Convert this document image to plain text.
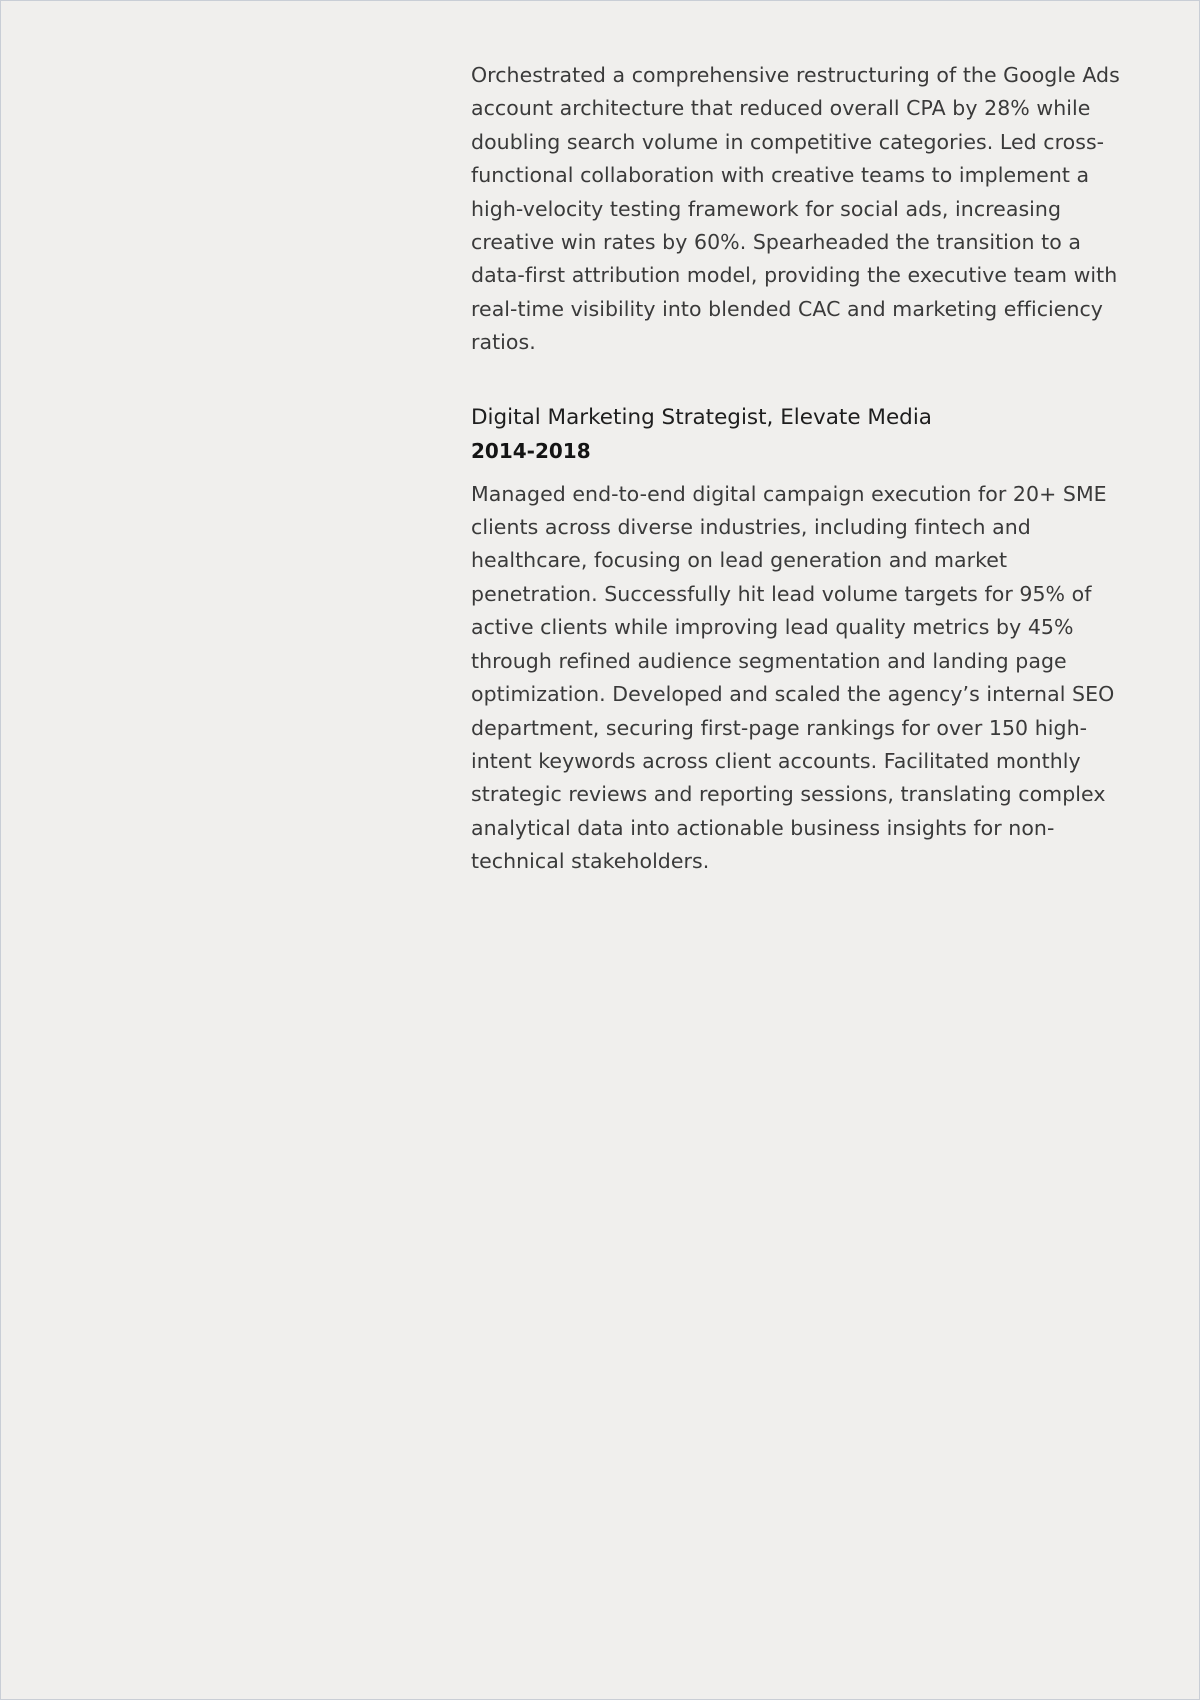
Orchestrated a comprehensive restructuring of the Google Ads account architecture that reduced overall CPA by 28% while doubling search volume in competitive categories. Led cross-functional collaboration with creative teams to implement a high-velocity testing framework for social ads, increasing creative win rates by 60%. Spearheaded the transition to a data-first attribution model, providing the executive team with real-time visibility into blended CAC and marketing efficiency ratios.

Digital Marketing Strategist, Elevate Media
2014-2018

Managed end-to-end digital campaign execution for 20+ SME clients across diverse industries, including fintech and healthcare, focusing on lead generation and market penetration. Successfully hit lead volume targets for 95% of active clients while improving lead quality metrics by 45% through refined audience segmentation and landing page optimization. Developed and scaled the agency’s internal SEO department, securing first-page rankings for over 150 high-intent keywords across client accounts. Facilitated monthly strategic reviews and reporting sessions, translating complex analytical data into actionable business insights for non-technical stakeholders.
